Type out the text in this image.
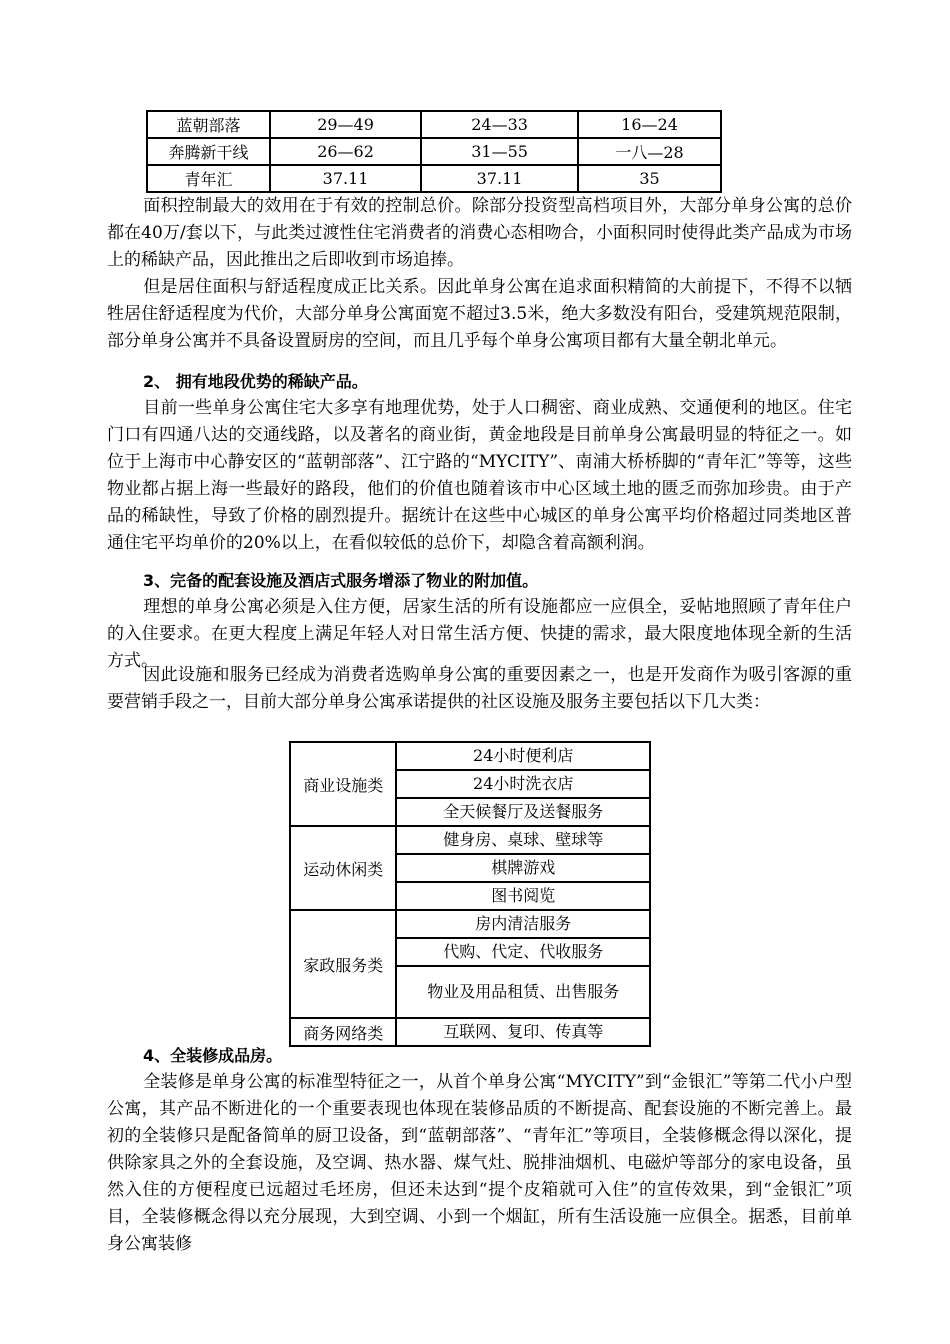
蓝朝部落	29—49	24—33	16—24
奔腾新干线	26—62	31—55	一八—28
青年汇	37.11	37.11	35

面积控制最大的效用在于有效的控制总价。除部分投资型高档项目外，大部分单身公寓的总价都在40万/套以下，与此类过渡性住宅消费者的消费心态相吻合，小面积同时使得此类产品成为市场上的稀缺产品，因此推出之后即收到市场追捧。

但是居住面积与舒适程度成正比关系。因此单身公寓在追求面积精简的大前提下，不得不以牺牲居住舒适程度为代价，大部分单身公寓面宽不超过3.5米，绝大多数没有阳台，受建筑规范限制，部分单身公寓并不具备设置厨房的空间，而且几乎每个单身公寓项目都有大量全朝北单元。

2、 拥有地段优势的稀缺产品。

目前一些单身公寓住宅大多享有地理优势，处于人口稠密、商业成熟、交通便利的地区。住宅门口有四通八达的交通线路，以及著名的商业街，黄金地段是目前单身公寓最明显的特征之一。如位于上海市中心静安区的“蓝朝部落”、江宁路的“MYCITY”、南浦大桥桥脚的“青年汇”等等，这些物业都占据上海一些最好的路段，他们的价值也随着该市中心区域土地的匮乏而弥加珍贵。由于产品的稀缺性，导致了价格的剧烈提升。据统计在这些中心城区的单身公寓平均价格超过同类地区普通住宅平均单价的20%以上，在看似较低的总价下，却隐含着高额利润。

3、完备的配套设施及酒店式服务增添了物业的附加值。

理想的单身公寓必须是入住方便，居家生活的所有设施都应一应俱全，妥帖地照顾了青年住户的入住要求。在更大程度上满足年轻人对日常生活方便、快捷的需求，最大限度地体现全新的生活方式。

因此设施和服务已经成为消费者选购单身公寓的重要因素之一，也是开发商作为吸引客源的重要营销手段之一，目前大部分单身公寓承诺提供的社区设施及服务主要包括以下几大类：

商业设施类	24小时便利店
	24小时洗衣店
	全天候餐厅及送餐服务
运动休闲类	健身房、桌球、壁球等
	棋牌游戏
	图书阅览
家政服务类	房内清洁服务
	代购、代定、代收服务
	物业及用品租赁、出售服务
商务网络类	互联网、复印、传真等

4、全装修成品房。

全装修是单身公寓的标准型特征之一，从首个单身公寓“MYCITY”到“金银汇”等第二代小户型公寓，其产品不断进化的一个重要表现也体现在装修品质的不断提高、配套设施的不断完善上。最初的全装修只是配备简单的厨卫设备，到“蓝朝部落”、“青年汇”等项目，全装修概念得以深化，提供除家具之外的全套设施，及空调、热水器、煤气灶、脱排油烟机、电磁炉等部分的家电设备，虽然入住的方便程度已远超过毛坯房，但还未达到“提个皮箱就可入住”的宣传效果，到“金银汇”项目，全装修概念得以充分展现，大到空调、小到一个烟缸，所有生活设施一应俱全。据悉，目前单身公寓装修
